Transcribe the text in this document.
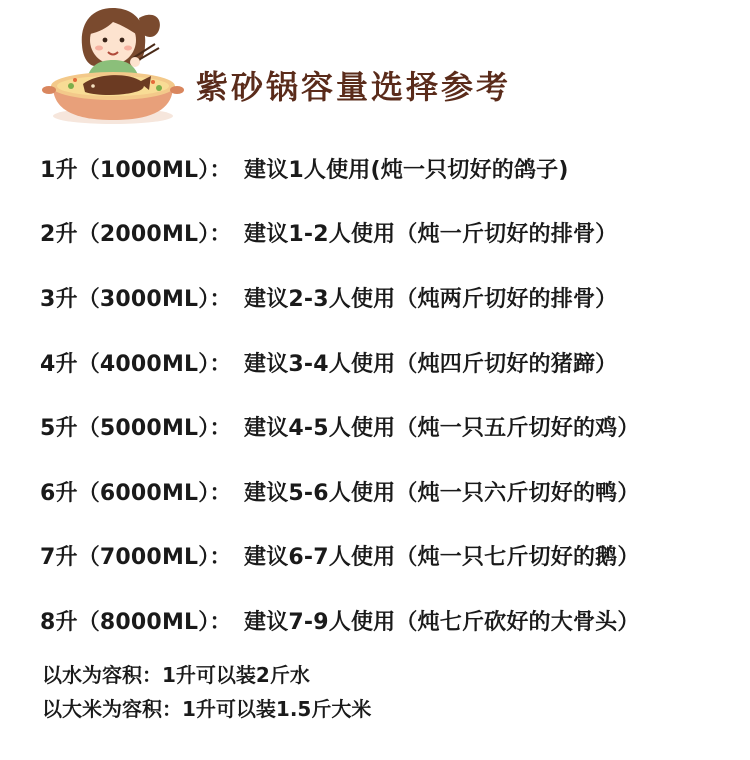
紫砂锅容量选择参考
1升（1000ML）： 建议1人使用(炖一只切好的鸽子)
2升（2000ML）： 建议1-2人使用（炖一斤切好的排骨）
3升（3000ML）： 建议2-3人使用（炖两斤切好的排骨）
4升（4000ML）： 建议3-4人使用（炖四斤切好的猪蹄）
5升（5000ML）： 建议4-5人使用（炖一只五斤切好的鸡）
6升（6000ML）： 建议5-6人使用（炖一只六斤切好的鸭）
7升（7000ML）： 建议6-7人使用（炖一只七斤切好的鹅）
8升（8000ML）： 建议7-9人使用（炖七斤砍好的大骨头）
以水为容积：1升可以装2斤水
以大米为容积：1升可以装1.5斤大米
